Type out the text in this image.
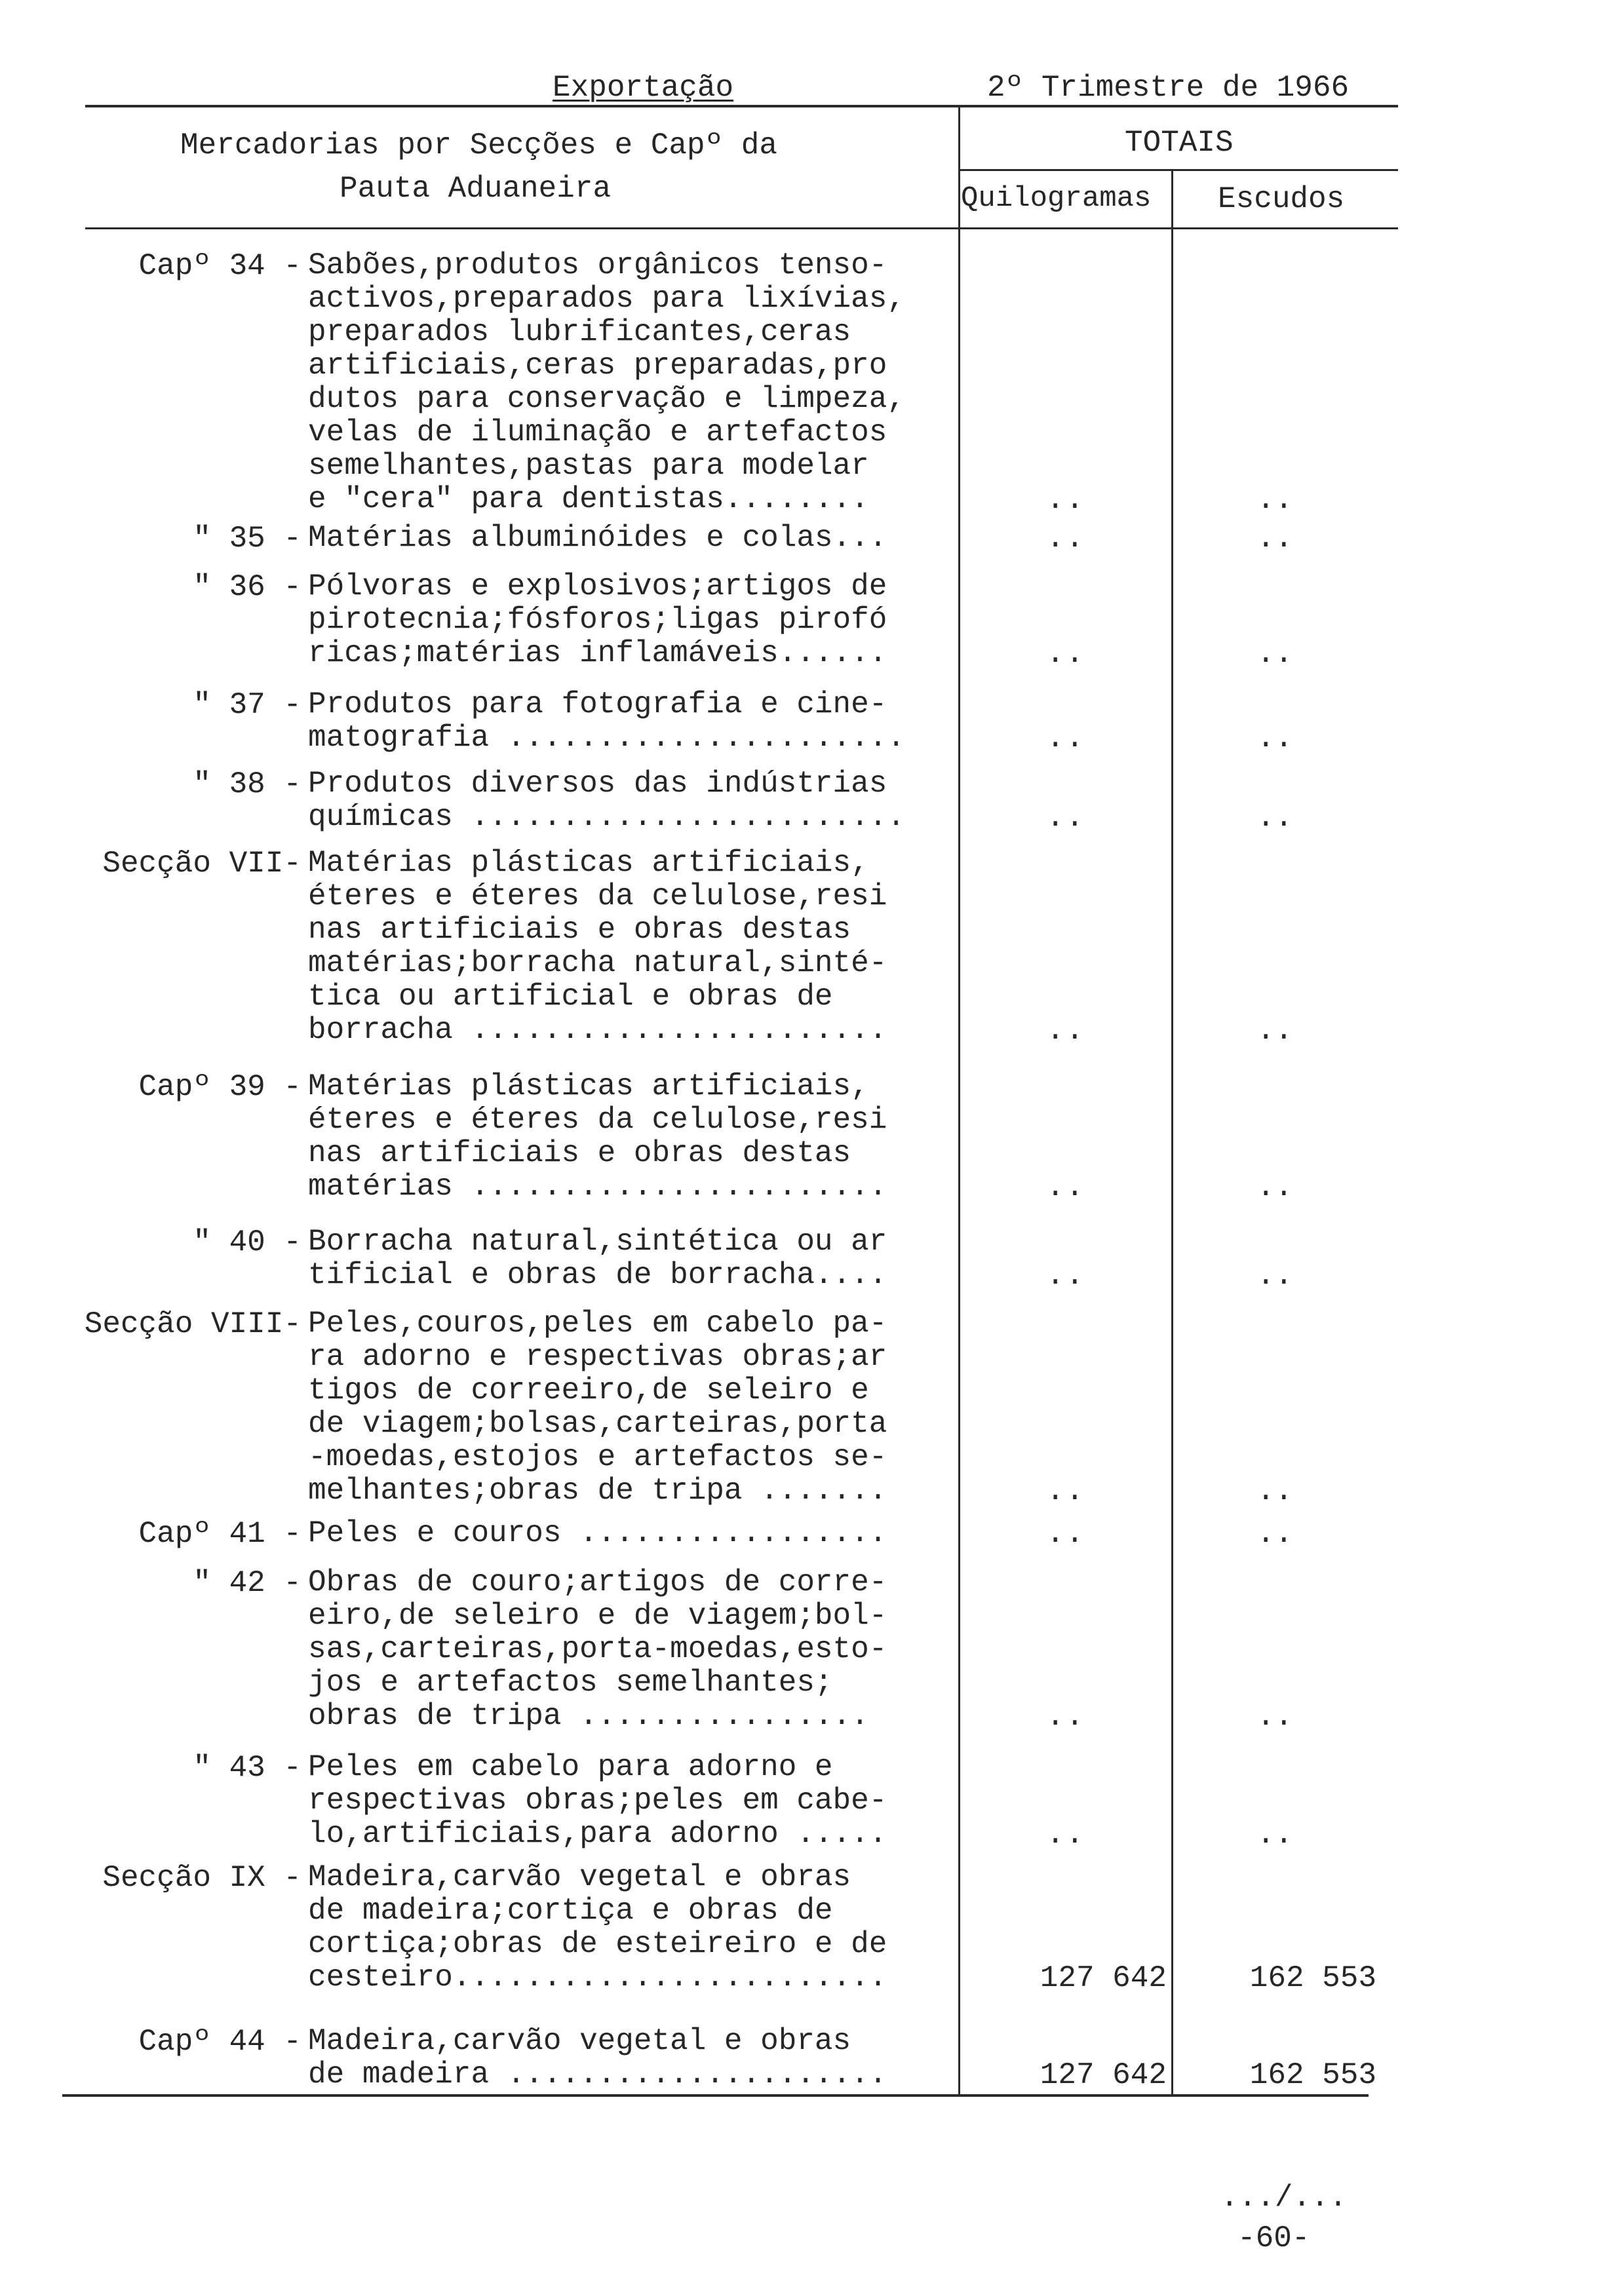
Exportação	2º Trimestre de 1966
Mercadorias por Secções e Capº da
Pauta Aduaneira
TOTAIS
Quilogramas Escudos
Capº 34 - Sabões,produtos orgânicos tenso-
activos,preparados para lixívias,
preparados lubrificantes,ceras
artificiais,ceras preparadas,pro
dutos para conservação e limpeza,
velas de iluminação e artefactos
semelhantes,pastas para modelar
e "cera" para dentistas........	..	..
" 35 - Matérias albuminóides e colas...	..	..
" 36 - Pólvoras e explosivos;artigos de
pirotecnia;fósforos;ligas pirofó
ricas;matérias inflamáveis......	..	..
" 37 - Produtos para fotografia e cine-
matografia ......................	..	..
" 38 - Produtos diversos das indústrias
químicas ........................	..	..
Secção VII- Matérias plásticas artificiais,
éteres e éteres da celulose,resi
nas artificiais e obras destas
matérias;borracha natural,sinté-
tica ou artificial e obras de
borracha .......................	..	..
Capº 39 - Matérias plásticas artificiais,
éteres e éteres da celulose,resi
nas artificiais e obras destas
matérias .......................	..	..
" 40 - Borracha natural,sintética ou ar
tificial e obras de borracha....	..	..
Secção VIII- Peles,couros,peles em cabelo pa-
ra adorno e respectivas obras;ar
tigos de correeiro,de seleiro e
de viagem;bolsas,carteiras,porta
-moedas,estojos e artefactos se-
melhantes;obras de tripa .......	..	..
Capº 41 - Peles e couros .................	..	..
" 42 - Obras de couro;artigos de corre-
eiro,de seleiro e de viagem;bol-
sas,carteiras,porta-moedas,esto-
jos e artefactos semelhantes;
obras de tripa ................	..	..
" 43 - Peles em cabelo para adorno e
respectivas obras;peles em cabe-
lo,artificiais,para adorno .....	..	..
Secção IX - Madeira,carvão vegetal e obras
de madeira;cortiça e obras de
cortiça;obras de esteireiro e de
cesteiro........................	127 642	162 553
Capº 44 - Madeira,carvão vegetal e obras
de madeira .....................	127 642	162 553
.../...
-60-
